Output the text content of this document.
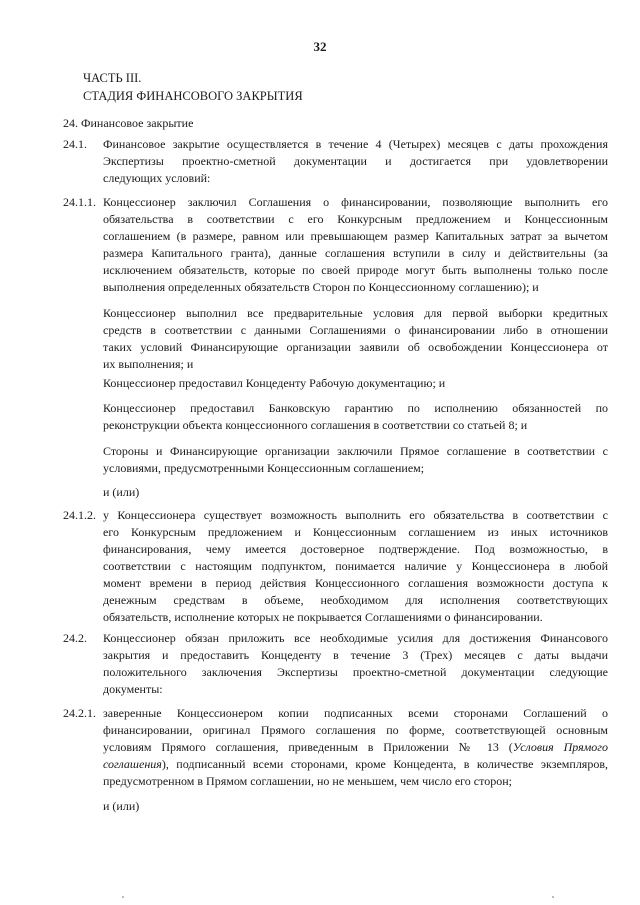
32
ЧАСТЬ III.
СТАДИЯ ФИНАНСОВОГО ЗАКРЫТИЯ
24. Финансовое закрытие
24.1. Финансовое закрытие осуществляется в течение 4 (Четырех) месяцев с даты прохождения
Экспертизы проектно-сметной документации и достигается при удовлетворении
следующих условий:
24.1.1. Концессионер заключил Соглашения о финансировании, позволяющие выполнить его
обязательства в соответствии с его Конкурсным предложением и Концессионным
соглашением (в размере, равном или превышающем размер Капитальных затрат за вычетом
размера Капитального гранта), данные соглашения вступили в силу и действительны (за
исключением обязательств, которые по своей природе могут быть выполнены только после
выполнения определенных обязательств Сторон по Концессионному соглашению); и
Концессионер выполнил все предварительные условия для первой выборки кредитных
средств в соответствии с данными Соглашениями о финансировании либо в отношении
таких условий Финансирующие организации заявили об освобождении Концессионера от
их выполнения; и
Концессионер предоставил Концеденту Рабочую документацию; и
Концессионер предоставил Банковскую гарантию по исполнению обязанностей по
реконструкции объекта концессионного соглашения в соответствии со статьей 8; и
Стороны и Финансирующие организации заключили Прямое соглашение в соответствии с
условиями, предусмотренными Концессионным соглашением;
и (или)
24.1.2. у Концессионера существует возможность выполнить его обязательства в соответствии с
его Конкурсным предложением и Концессионным соглашением из иных источников
финансирования, чему имеется достоверное подтверждение. Под возможностью, в
соответствии с настоящим подпунктом, понимается наличие у Концессионера в любой
момент времени в период действия Концессионного соглашения возможности доступа к
денежным средствам в объеме, необходимом для исполнения соответствующих
обязательств, исполнение которых не покрывается Соглашениями о финансировании.
24.2. Концессионер обязан приложить все необходимые усилия для достижения Финансового
закрытия и предоставить Концеденту в течение 3 (Трех) месяцев с даты выдачи
положительного заключения Экспертизы проектно-сметной документации следующие
документы:
24.2.1. заверенные Концессионером копии подписанных всеми сторонами Соглашений о
финансировании, оригинал Прямого соглашения по форме, соответствующей основным
условиям Прямого соглашения, приведенным в Приложении № 13 (Условия Прямого
соглашения), подписанный всеми сторонами, кроме Концедента, в количестве экземпляров,
предусмотренном в Прямом соглашении, но не меньшем, чем число его сторон;
и (или)
